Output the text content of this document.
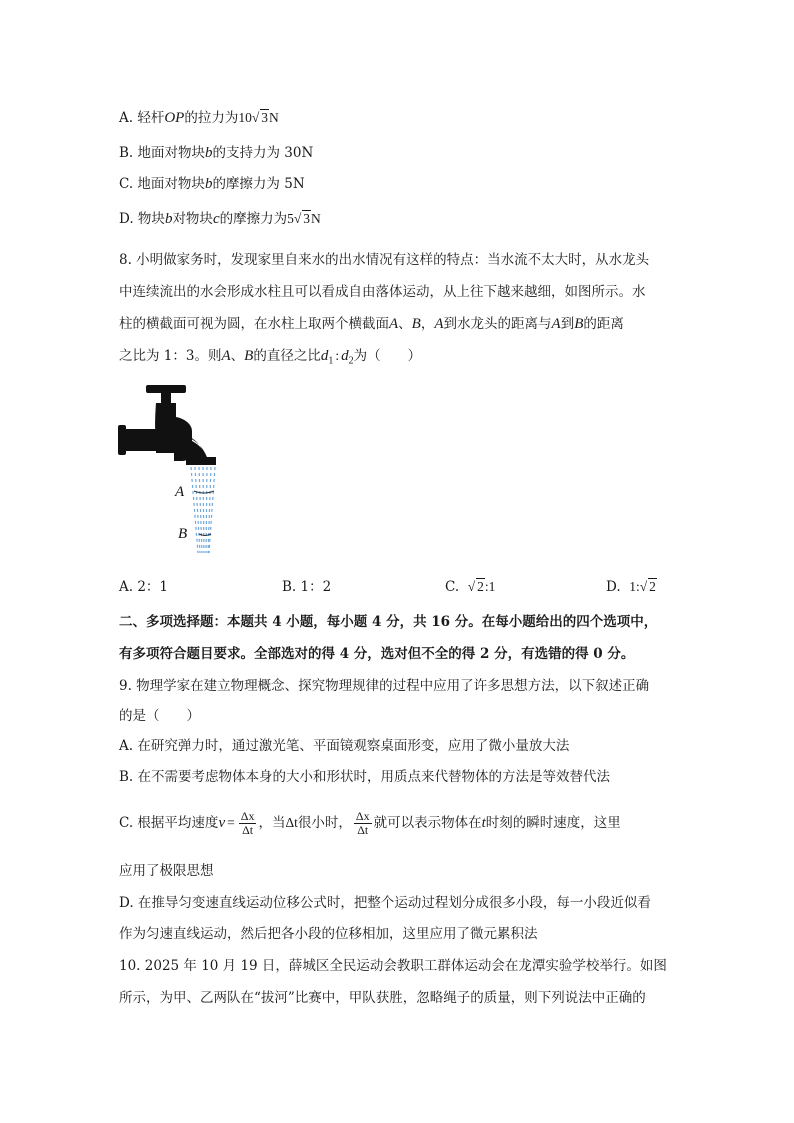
A. 轻杆OP的拉力为10√ 3N
B. 地面对物块b的支持力为 30N
C. 地面对物块b的摩擦力为 5N
D. 物块b对物块c的摩擦力为5√ 3N
8. 小明做家务时，发现家里自来水的出水情况有这样的特点：当水流不太大时，从水龙头
中连续流出的水会形成水柱且可以看成自由落体运动，从上往下越来越细，如图所示。水
柱的横截面可视为圆，在水柱上取两个横截面A、B，A到水龙头的距离与A到B的距离
之比为 1：3。则A、B的直径之比$d_1$ : $d_2$为（　　）
A
B
A. 2：1	B. 1：2	C. √ 2:1	D. 1:√ 2
二、多项选择题：本题共 4 小题，每小题 4 分，共 16 分。在每小题给出的四个选项中，
有多项符合题目要求。全部选对的得 4 分，选对但不全的得 2 分，有选错的得 0 分。
9. 物理学家在建立物理概念、探究物理规律的过程中应用了许多思想方法，以下叙述正确
的是（　　）
A. 在研究弹力时，通过激光笔、平面镜观察桌面形变，应用了微小量放大法
B. 在不需要考虑物体本身的大小和形状时，用质点来代替物体的方法是等效替代法
C. 根据平均速度$v = \frac{\Delta x}{\Delta t}$ ，当Δt很小时， $\frac{\Delta x}{\Delta t}$ 就可以表示物体在t时刻的瞬时速度，这里
应用了极限思想
D. 在推导匀变速直线运动位移公式时，把整个运动过程划分成很多小段，每一小段近似看
作为匀速直线运动，然后把各小段的位移相加，这里应用了微元累积法
10. 2025 年 10 月 19 日，薛城区全民运动会教职工群体运动会在龙潭实验学校举行。如图
所示，为甲、乙两队在“拔河”比赛中，甲队获胜，忽略绳子的质量，则下列说法中正确的
